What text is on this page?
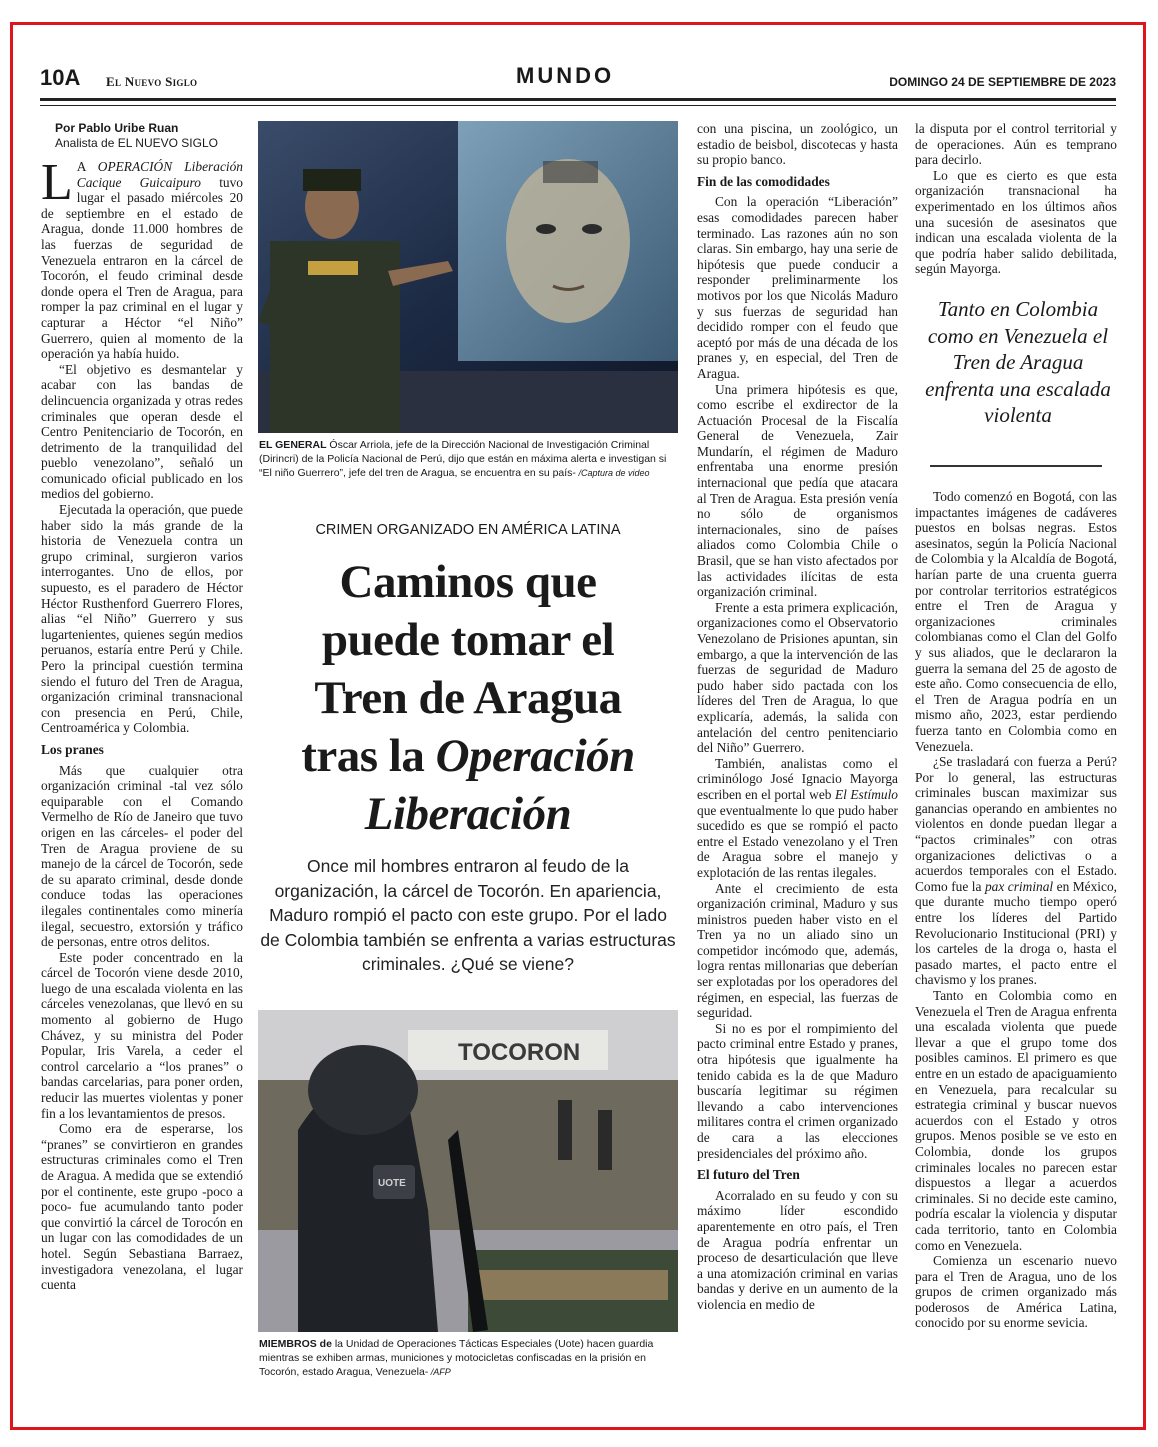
10A El Nuevo Siglo	MUNDO	DOMINGO 24 DE SEPTIEMBRE DE 2023
Por Pablo Uribe Ruan
Analista de EL NUEVO SIGLO

L A OPERACIÓN Liberación Cacique Guicaipuro tuvo lugar el pasado miércoles 20 de septiembre en el estado de Aragua, donde 11.000 hombres de las fuerzas de seguridad de Venezuela entraron en la cárcel de Tocorón, el feudo criminal desde donde opera el Tren de Aragua, para romper la paz criminal en el lugar y capturar a Héctor “el Niño” Guerrero, quien al momento de la operación ya había huido.

“El objetivo es desmantelar y acabar con las bandas de delincuencia organizada y otras redes criminales que operan desde el Centro Penitenciario de Tocorón, en detrimento de la tranquilidad del pueblo venezolano”, señaló un comunicado oficial publicado en los medios del gobierno.

Ejecutada la operación, que puede haber sido la más grande de la historia de Venezuela contra un grupo criminal, surgieron varios interrogantes. Uno de ellos, por supuesto, es el paradero de Héctor Héctor Rusthenford Guerrero Flores, alias “el Niño” Guerrero y sus lugartenientes, quienes según medios peruanos, estaría entre Perú y Chile. Pero la principal cuestión termina siendo el futuro del Tren de Aragua, organización criminal transnacional con presencia en Perú, Chile, Centroamérica y Colombia.

Los pranes

Más que cualquier otra organización criminal -tal vez sólo equiparable con el Comando Vermelho de Río de Janeiro que tuvo origen en las cárceles- el poder del Tren de Aragua proviene de su manejo de la cárcel de Tocorón, sede de su aparato criminal, desde donde conduce todas las operaciones ilegales continentales como minería ilegal, secuestro, extorsión y tráfico de personas, entre otros delitos.

Este poder concentrado en la cárcel de Tocorón viene desde 2010, luego de una escalada violenta en las cárceles venezolanas, que llevó en su momento al gobierno de Hugo Chávez, y su ministra del Poder Popular, Iris Varela, a ceder el control carcelario a “los pranes” o bandas carcelarias, para poner orden, reducir las muertes violentas y poner fin a los levantamientos de presos.

Como era de esperarse, los “pranes” se convirtieron en grandes estructuras criminales como el Tren de Aragua. A medida que se extendió por el continente, este grupo -poco a poco- fue acumulando tanto poder que convirtió la cárcel de Torocón en un lugar con las comodidades de un hotel. Según Sebastiana Barraez, investigadora venezolana, el lugar cuenta

EL GENERAL Óscar Arriola, jefe de la Dirección Nacional de Investigación Criminal (Dirincri) de la Policía Nacional de Perú, dijo que están en máxima alerta e investigan si “El niño Guerrero”, jefe del tren de Aragua, se encuentra en su país- /Captura de video
CRIMEN ORGANIZADO EN AMÉRICA LATINA
Caminos que
puede tomar el
Tren de Aragua
tras la Operación
Liberación
Once mil hombres entraron al feudo de la organización, la cárcel de Tocorón. En apariencia, Maduro rompió el pacto con este grupo. Por el lado de Colombia también se enfrenta a varias estructuras criminales. ¿Qué se viene?
TOCORON
UOTE
MIEMBROS de la Unidad de Operaciones Tácticas Especiales (Uote) hacen guardia mientras se exhiben armas, municiones y motocicletas confiscadas en la prisión en Tocorón, estado Aragua, Venezuela- /AFP

con una piscina, un zoológico, un estadio de beisbol, discotecas y hasta su propio banco.

Fin de las comodidades

Con la operación “Liberación” esas comodidades parecen haber terminado. Las razones aún no son claras. Sin embargo, hay una serie de hipótesis que puede conducir a responder preliminarmente los motivos por los que Nicolás Maduro y sus fuerzas de seguridad han decidido romper con el feudo que aceptó por más de una década de los pranes y, en especial, del Tren de Aragua.

Una primera hipótesis es que, como escribe el exdirector de la Actuación Procesal de la Fiscalía General de Venezuela, Zair Mundarín, el régimen de Maduro enfrentaba una enorme presión internacional que pedía que atacara al Tren de Aragua. Esta presión venía no sólo de organismos internacionales, sino de países aliados como Colombia Chile o Brasil, que se han visto afectados por las actividades ilícitas de esta organización criminal.

Frente a esta primera explicación, organizaciones como el Observatorio Venezolano de Prisiones apuntan, sin embargo, a que la intervención de las fuerzas de seguridad de Maduro pudo haber sido pactada con los líderes del Tren de Aragua, lo que explicaría, además, la salida con antelación del centro penitenciario del Niño” Guerrero.

También, analistas como el criminólogo José Ignacio Mayorga escriben en el portal web El Estímulo que eventualmente lo que pudo haber sucedido es que se rompió el pacto entre el Estado venezolano y el Tren de Aragua sobre el manejo y explotación de las rentas ilegales.

Ante el crecimiento de esta organización criminal, Maduro y sus ministros pueden haber visto en el Tren ya no un aliado sino un competidor incómodo que, además, logra rentas millonarias que deberían ser explotadas por los operadores del régimen, en especial, las fuerzas de seguridad.

Si no es por el rompimiento del pacto criminal entre Estado y pranes, otra hipótesis que igualmente ha tenido cabida es la de que Maduro buscaría legitimar su régimen llevando a cabo intervenciones militares contra el crimen organizado de cara a las elecciones presidenciales del próximo año.

El futuro del Tren

Acorralado en su feudo y con su máximo líder escondido aparentemente en otro país, el Tren de Aragua podría enfrentar un proceso de desarticulación que lleve a una atomización criminal en varias bandas y derive en un aumento de la violencia en medio de

la disputa por el control territorial y de operaciones. Aún es temprano para decirlo.

Lo que es cierto es que esta organización transnacional ha experimentado en los últimos años una sucesión de asesinatos que indican una escalada violenta de la que podría haber salido debilitada, según Mayorga.

Tanto en Colombia como en Venezuela el Tren de Aragua enfrenta una escalada violenta

Todo comenzó en Bogotá, con las impactantes imágenes de cadáveres puestos en bolsas negras. Estos asesinatos, según la Policía Nacional de Colombia y la Alcaldía de Bogotá, harían parte de una cruenta guerra por controlar territorios estratégicos entre el Tren de Aragua y organizaciones criminales colombianas como el Clan del Golfo y sus aliados, que le declararon la guerra la semana del 25 de agosto de este año. Como consecuencia de ello, el Tren de Aragua podría en un mismo año, 2023, estar perdiendo fuerza tanto en Colombia como en Venezuela.

¿Se trasladará con fuerza a Perú? Por lo general, las estructuras criminales buscan maximizar sus ganancias operando en ambientes no violentos en donde puedan llegar a “pactos criminales” con otras organizaciones delictivas o a acuerdos temporales con el Estado. Como fue la pax criminal en México, que durante mucho tiempo operó entre los líderes del Partido Revolucionario Institucional (PRI) y los carteles de la droga o, hasta el pasado martes, el pacto entre el chavismo y los pranes.

Tanto en Colombia como en Venezuela el Tren de Aragua enfrenta una escalada violenta que puede llevar a que el grupo tome dos posibles caminos. El primero es que entre en un estado de apaciguamiento en Venezuela, para recalcular su estrategia criminal y buscar nuevos acuerdos con el Estado y otros grupos. Menos posible se ve esto en Colombia, donde los grupos criminales locales no parecen estar dispuestos a llegar a acuerdos criminales. Si no decide este camino, podría escalar la violencia y disputar cada territorio, tanto en Colombia como en Venezuela.

Comienza un escenario nuevo para el Tren de Aragua, uno de los grupos de crimen organizado más poderosos de América Latina, conocido por su enorme sevicia.
